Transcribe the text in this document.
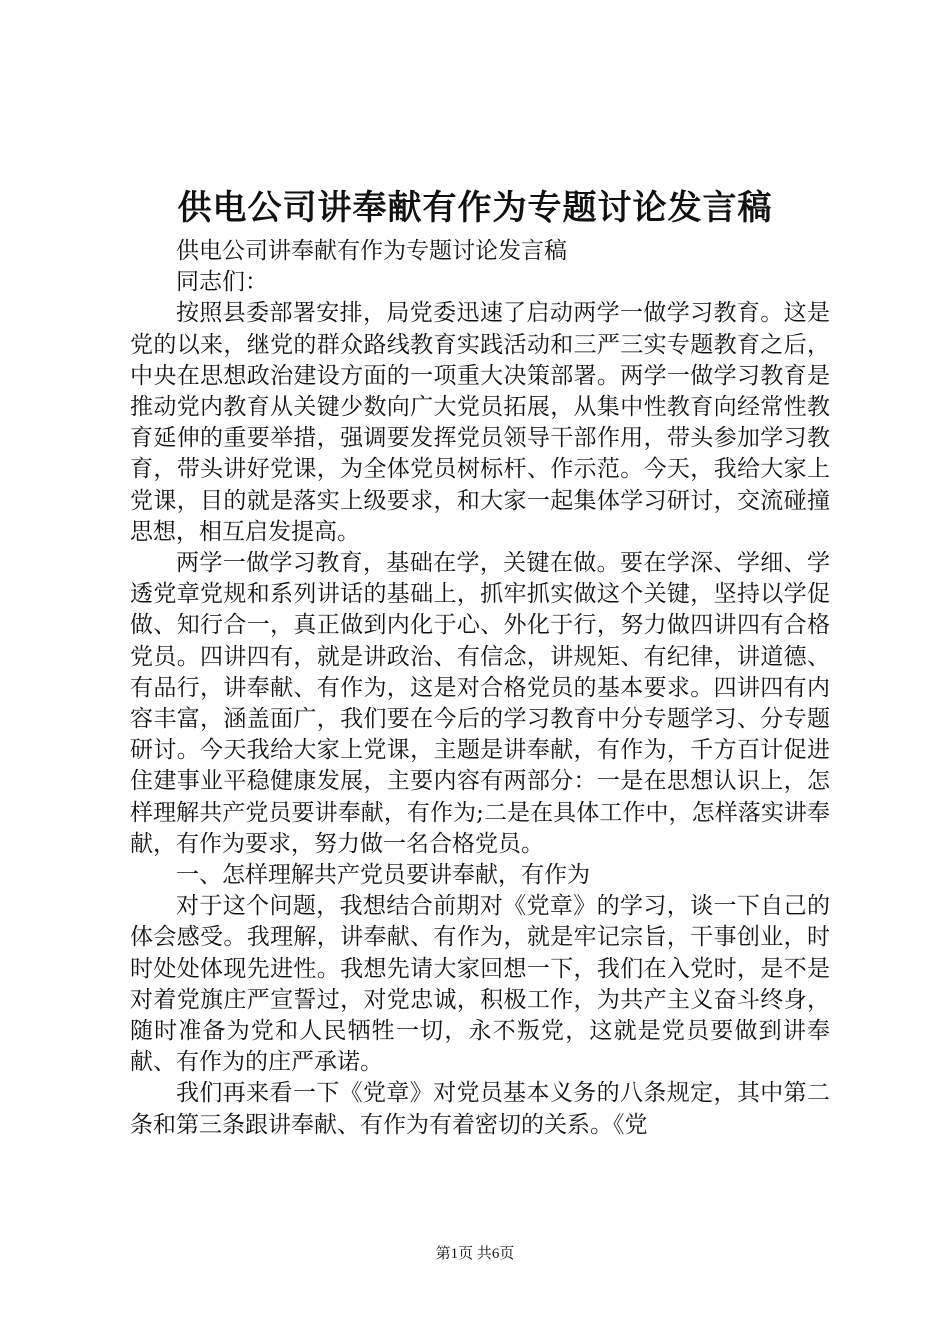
供电公司讲奉献有作为专题讨论发言稿

供电公司讲奉献有作为专题讨论发言稿

同志们：

按照县委部署安排，局党委迅速了启动两学一做学习教育。这是党的以来，继党的群众路线教育实践活动和三严三实专题教育之后，中央在思想政治建设方面的一项重大决策部署。两学一做学习教育是推动党内教育从关键少数向广大党员拓展，从集中性教育向经常性教育延伸的重要举措，强调要发挥党员领导干部作用，带头参加学习教育，带头讲好党课，为全体党员树标杆、作示范。今天，我给大家上党课，目的就是落实上级要求，和大家一起集体学习研讨，交流碰撞思想，相互启发提高。

两学一做学习教育，基础在学，关键在做。要在学深、学细、学透党章党规和系列讲话的基础上，抓牢抓实做这个关键，坚持以学促做、知行合一，真正做到内化于心、外化于行，努力做四讲四有合格党员。四讲四有，就是讲政治、有信念，讲规矩、有纪律，讲道德、有品行，讲奉献、有作为，这是对合格党员的基本要求。四讲四有内容丰富，涵盖面广，我们要在今后的学习教育中分专题学习、分专题研讨。今天我给大家上党课，主题是讲奉献，有作为，千方百计促进住建事业平稳健康发展，主要内容有两部分：一是在思想认识上，怎样理解共产党员要讲奉献，有作为;二是在具体工作中，怎样落实讲奉献，有作为要求，努力做一名合格党员。

一、怎样理解共产党员要讲奉献，有作为

对于这个问题，我想结合前期对《党章》的学习，谈一下自己的体会感受。我理解，讲奉献、有作为，就是牢记宗旨，干事创业，时时处处体现先进性。我想先请大家回想一下，我们在入党时，是不是对着党旗庄严宣誓过，对党忠诚，积极工作，为共产主义奋斗终身，随时准备为党和人民牺牲一切，永不叛党，这就是党员要做到讲奉献、有作为的庄严承诺。

我们再来看一下《党章》对党员基本义务的八条规定，其中第二条和第三条跟讲奉献、有作为有着密切的关系。《党

第1页 共6页
